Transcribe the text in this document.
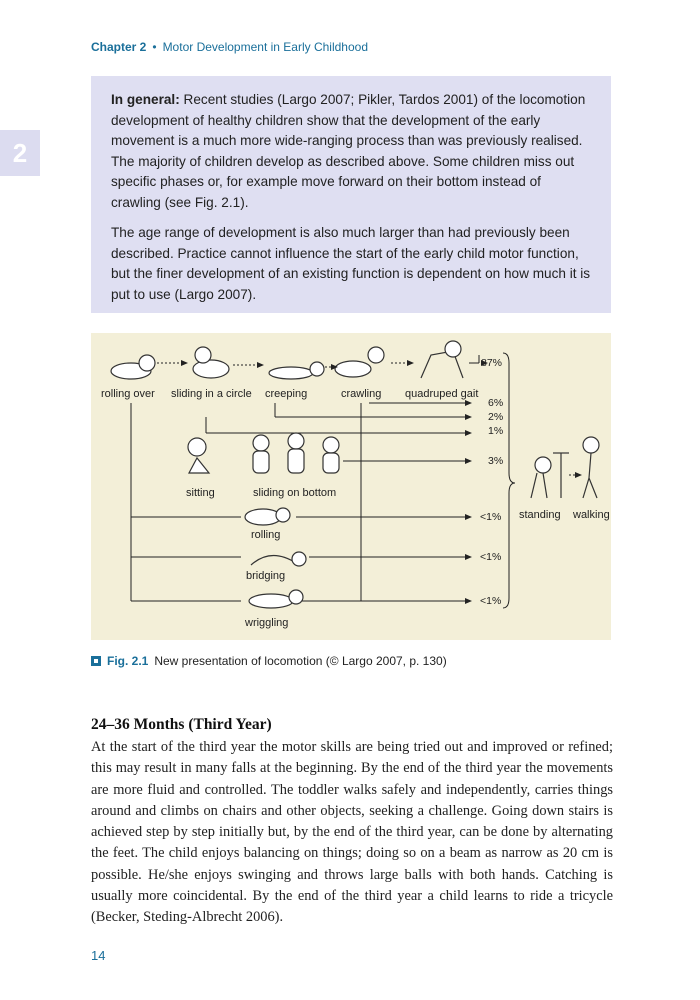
Chapter 2 • Motor Development in Early Childhood
2

In general: Recent studies (Largo 2007; Pikler, Tardos 2001) of the locomotion development of healthy children show that the development of the early movement is a much more wide-ranging process than was previously realised. The majority of children develop as described above. Some children miss out specific phases or, for example move forward on their bottom instead of crawling (see Fig. 2.1).

The age range of development is also much larger than had previously been described. Practice cannot influence the start of the early child motor function, but the finer development of an existing function is dependent on how much it is put to use (Largo 2007).

rolling over sliding in a circle creeping	crawling quadruped gait
sitting	sliding on bottom
rolling
bridging
wriggling
87%
6%
2%
1%
3%
<1%
<1%
<1%
standing walking
Fig. 2.1 New presentation of locomotion (© Largo 2007, p. 130)
24–36 Months (Third Year)
At the start of the third year the motor skills are being tried out and improved or refined; this may result in many falls at the beginning. By the end of the third year the movements are more fluid and controlled. The toddler walks safely and independently, carries things around and climbs on chairs and other objects, seeking a challenge. Going down stairs is achieved step by step initially but, by the end of the third year, can be done by alternating the feet. The child enjoys balancing on things; doing so on a beam as narrow as 20 cm is possible. He/she enjoys swinging and throws large balls with both hands. Catching is usually more coincidental. By the end of the third year a child learns to ride a tricycle (Becker, Steding-Albrecht 2006).
14
